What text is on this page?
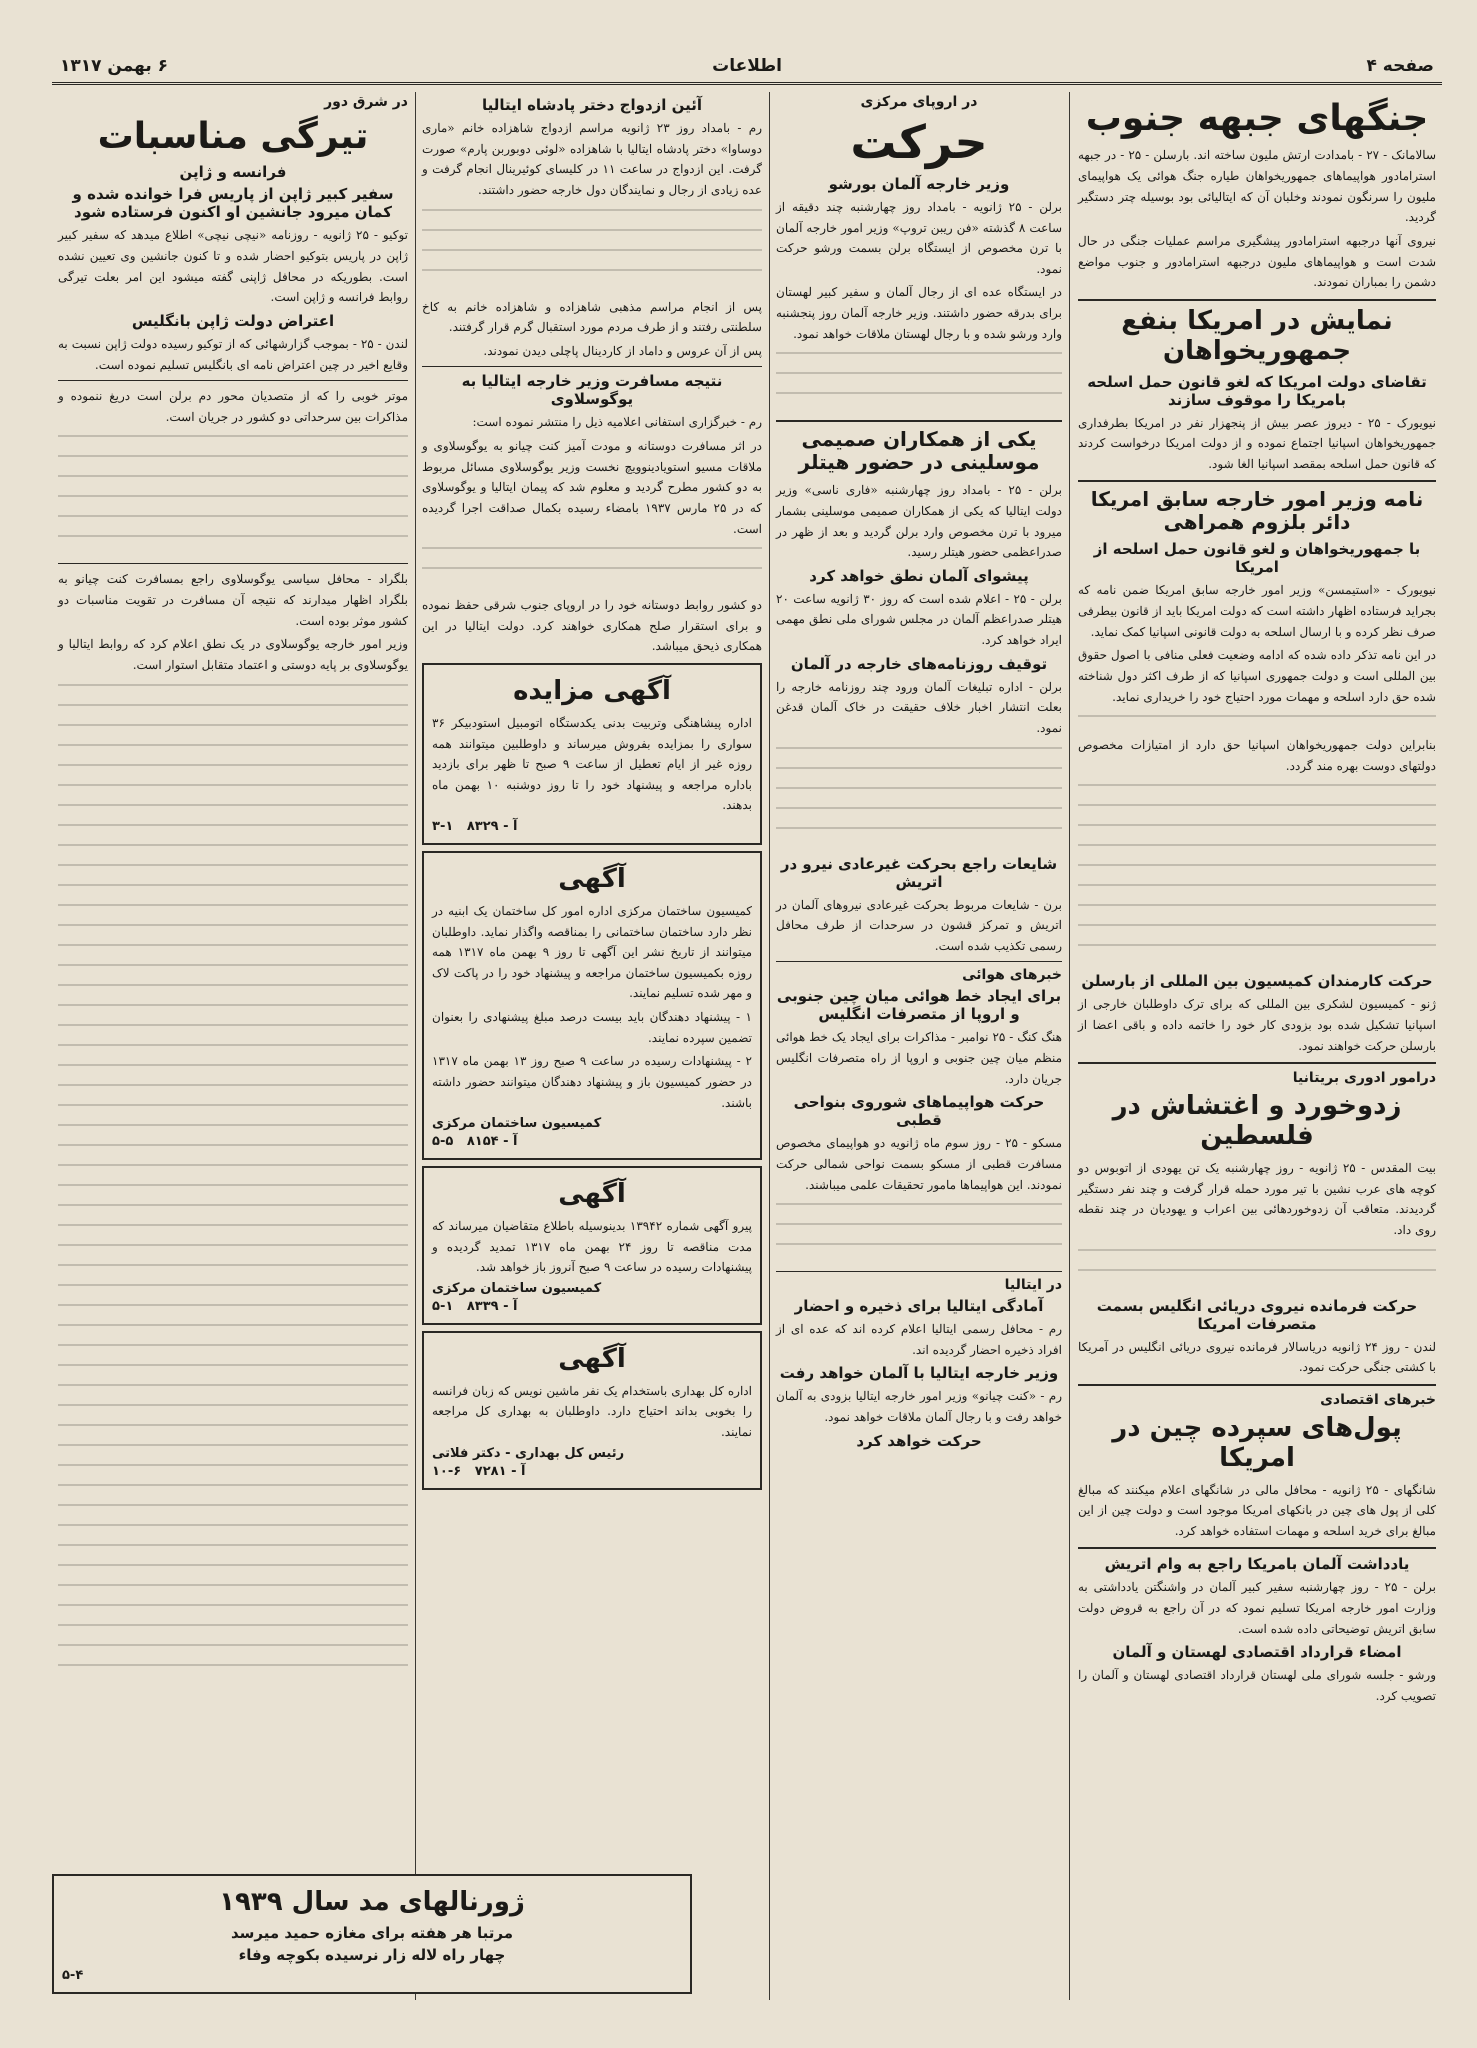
صفحه ۴
اطلاعات
۶ بهمن ۱۳۱۷
جنگهای جبهه جنوب

سالامانک - ۲۷ - بامدادت ارتش ملیون ساخته اند. بارسلن - ۲۵ - در جبهه استرامادور هواپیماهای جمهوریخواهان طیاره جنگ هوائی یک هواپیمای ملیون را سرنگون نمودند وخلبان آن که ایتالیائی بود بوسیله چتر دستگیر گردید.

نیروی آنها درجبهه استرامادور پیشگیری مراسم عملیات جنگی در حال شدت است و هواپیماهای ملیون درجبهه استرامادور و جنوب مواضع دشمن را بمباران نمودند.

نمایش در امریکا بنفع جمهوریخواهان
تقاضای دولت امریکا که لغو قانون حمل اسلحه بامریکا را موقوف سازند

نیویورک - ۲۵ - دیروز عصر بیش از پنجهزار نفر در امریکا بطرفداری جمهوریخواهان اسپانیا اجتماع نموده و از دولت امریکا درخواست کردند که قانون حمل اسلحه بمقصد اسپانیا الغا شود.

نامه وزیر امور خارجه سابق امریکا دائر بلزوم همراهی
با جمهوریخواهان و لغو قانون حمل اسلحه از امریکا

نیویورک - «استیمسن» وزیر امور خارجه سابق امریکا ضمن نامه که بجراید فرستاده اظهار داشته است که دولت امریکا باید از قانون بیطرفی صرف نظر کرده و با ارسال اسلحه به دولت قانونی اسپانیا کمک نماید.

در این نامه تذکر داده شده که ادامه وضعیت فعلی منافی با اصول حقوق بین المللی است و دولت جمهوری اسپانیا که از طرف اکثر دول شناخته شده حق دارد اسلحه و مهمات مورد احتیاج خود را خریداری نماید.

بنابراین دولت جمهوریخواهان اسپانیا حق دارد از امتیازات مخصوص دولتهای دوست بهره مند گردد.

حرکت کارمندان کمیسیون بین المللی از بارسلن

ژنو - کمیسیون لشکری بین المللی که برای ترک داوطلبان خارجی از اسپانیا تشکیل شده بود بزودی کار خود را خاتمه داده و باقی اعضا از بارسلن حرکت خواهند نمود.

درامور ادوری بریتانیا
زدوخورد و اغتشاش در فلسطین

بیت المقدس - ۲۵ ژانویه - روز چهارشنبه یک تن یهودی از اتوبوس دو کوچه های عرب نشین با تیر مورد حمله قرار گرفت و چند نفر دستگیر گردیدند. متعاقب آن زدوخوردهائی بین اعراب و یهودیان در چند نقطه روی داد.

حرکت فرمانده نیروی دریائی انگلیس بسمت متصرفات امریکا

لندن - روز ۲۴ ژانویه دریاسالار فرمانده نیروی دریائی انگلیس در آمریکا با کشتی جنگی حرکت نمود.

خبرهای اقتصادی
پول‌های سپرده چین در امریکا

شانگهای - ۲۵ ژانویه - محافل مالی در شانگهای اعلام میکنند که مبالغ کلی از پول های چین در بانکهای امریکا موجود است و دولت چین از این مبالغ برای خرید اسلحه و مهمات استفاده خواهد کرد.

یادداشت آلمان بامریکا راجع به وام اتریش

برلن - ۲۵ - روز چهارشنبه سفیر کبیر آلمان در واشنگتن یادداشتی به وزارت امور خارجه امریکا تسلیم نمود که در آن راجع به قروض دولت سابق اتریش توضیحاتی داده شده است.

امضاء قرارداد اقتصادی لهستان و آلمان

ورشو - جلسه شورای ملی لهستان قرارداد اقتصادی لهستان و آلمان را تصویب کرد.

در اروپای مرکزی
حرکت
وزیر خارجه آلمان بورشو

برلن - ۲۵ ژانویه - بامداد روز چهارشنبه چند دقیقه از ساعت ۸ گذشته «فن ریبن تروپ» وزیر امور خارجه آلمان با ترن مخصوص از ایستگاه برلن بسمت ورشو حرکت نمود.

در ایستگاه عده ای از رجال آلمان و سفیر کبیر لهستان برای بدرقه حضور داشتند. وزیر خارجه آلمان روز پنجشنبه وارد ورشو شده و با رجال لهستان ملاقات خواهد نمود.

یکی از همکاران صمیمی موسلینی در حضور هیتلر

برلن - ۲۵ - بامداد روز چهارشنبه «فاری ناسی» وزیر دولت ایتالیا که یکی از همکاران صمیمی موسلینی بشمار میرود با ترن مخصوص وارد برلن گردید و بعد از ظهر در صدراعظمی حضور هیتلر رسید.

پیشوای آلمان نطق خواهد کرد

برلن - ۲۵ - اعلام شده است که روز ۳۰ ژانویه ساعت ۲۰ هیتلر صدراعظم آلمان در مجلس شورای ملی نطق مهمی ایراد خواهد کرد.

توقیف روزنامه‌های خارجه در آلمان

برلن - اداره تبلیغات آلمان ورود چند روزنامه خارجه را بعلت انتشار اخبار خلاف حقیقت در خاک آلمان قدغن نمود.

شایعات راجع بحرکت غیرعادی نیرو در اتریش

برن - شایعات مربوط بحرکت غیرعادی نیروهای آلمان در اتریش و تمرکز قشون در سرحدات از طرف محافل رسمی تکذیب شده است.

خبرهای هوائی
برای ایجاد خط هوائی میان چین جنوبی و اروپا از متصرفات انگلیس

هنگ کنگ - ۲۵ نوامبر - مذاکرات برای ایجاد یک خط هوائی منظم میان چین جنوبی و اروپا از راه متصرفات انگلیس جریان دارد.

حرکت هواپیماهای شوروی بنواحی قطبی

مسکو - ۲۵ - روز سوم ماه ژانویه دو هواپیمای مخصوص مسافرت قطبی از مسکو بسمت نواحی شمالی حرکت نمودند. این هواپیماها مامور تحقیقات علمی میباشند.

در ایتالیا
آمادگی ایتالیا برای ذخیره و احضار

رم - محافل رسمی ایتالیا اعلام کرده اند که عده ای از افراد ذخیره احضار گردیده اند.

وزیر خارجه ایتالیا با آلمان خواهد رفت

رم - «کنت چیانو» وزیر امور خارجه ایتالیا بزودی به آلمان خواهد رفت و با رجال آلمان ملاقات خواهد نمود.

حرکت خواهد کرد
آئین ازدواج دختر پادشاه ایتالیا

رم - بامداد روز ۲۳ ژانویه مراسم ازدواج شاهزاده خانم «ماری دوساوا» دختر پادشاه ایتالیا با شاهزاده «لوئی دوبوربن پارم» صورت گرفت. این ازدواج در ساعت ۱۱ در کلیسای کوئیرینال انجام گرفت و عده زیادی از رجال و نمایندگان دول خارجه حضور داشتند.

پس از انجام مراسم مذهبی شاهزاده و شاهزاده خانم به کاخ سلطنتی رفتند و از طرف مردم مورد استقبال گرم قرار گرفتند.

پس از آن عروس و داماد از کاردینال پاچلی دیدن نمودند.

نتیجه مسافرت وزیر خارجه ایتالیا به یوگوسلاوی

رم - خبرگزاری استفانی اعلامیه ذیل را منتشر نموده است:

در اثر مسافرت دوستانه و مودت آمیز کنت چیانو به یوگوسلاوی و ملاقات مسیو استویادینوویچ نخست وزیر یوگوسلاوی مسائل مربوط به دو کشور مطرح گردید و معلوم شد که پیمان ایتالیا و یوگوسلاوی که در ۲۵ مارس ۱۹۳۷ بامضاء رسیده بکمال صداقت اجرا گردیده است.

دو کشور روابط دوستانه خود را در اروپای جنوب شرقی حفظ نموده و برای استقرار صلح همکاری خواهند کرد. دولت ایتالیا در این همکاری ذیحق میباشد.

آگهی مزایده

اداره پیشاهنگی وتربیت بدنی یکدستگاه اتومبیل استودبیکر ۳۶ سواری را بمزایده بفروش میرساند و داوطلبین میتوانند همه روزه غیر از ایام تعطیل از ساعت ۹ صبح تا ظهر برای بازدید باداره مراجعه و پیشنهاد خود را تا روز دوشنبه ۱۰ بهمن ماه بدهند.

آ - ۸۳۲۹   ۱-۳
آگهی

کمیسیون ساختمان مرکزی اداره امور کل ساختمان یک ابنیه در نظر دارد ساختمان ساختمانی را بمناقصه واگذار نماید. داوطلبان میتوانند از تاریخ نشر این آگهی تا روز ۹ بهمن ماه ۱۳۱۷ همه روزه بکمیسیون ساختمان مراجعه و پیشنهاد خود را در پاکت لاک و مهر شده تسلیم نمایند.

۱ - پیشنهاد دهندگان باید بیست درصد مبلغ پیشنهادی را بعنوان تضمین سپرده نمایند.

۲ - پیشنهادات رسیده در ساعت ۹ صبح روز ۱۳ بهمن ماه ۱۳۱۷ در حضور کمیسیون باز و پیشنهاد دهندگان میتوانند حضور داشته باشند.

کمیسیون ساختمان مرکزی
آ - ۸۱۵۴   ۵-۵
آگهی

پیرو آگهی شماره ۱۳۹۴۲ بدینوسیله باطلاع متقاضیان میرساند که مدت مناقصه تا روز ۲۴ بهمن ماه ۱۳۱۷ تمدید گردیده و پیشنهادات رسیده در ساعت ۹ صبح آنروز باز خواهد شد.

کمیسیون ساختمان مرکزی
آ - ۸۳۳۹   ۱-۵
آگهی

اداره کل بهداری باستخدام یک نفر ماشین نویس که زبان فرانسه را بخوبی بداند احتیاج دارد. داوطلبان به بهداری کل مراجعه نمایند.

رئیس کل بهداری - دکتر فلاتی
آ - ۷۲۸۱   ۶-۱۰
در شرق دور
تیرگی مناسبات
فرانسه و ژاپن
سفیر کبیر ژاپن از پاریس فرا خوانده شده و کمان میرود جانشین او اکنون فرستاده شود

توکیو - ۲۵ ژانویه - روزنامه «نیچی نیچی» اطلاع میدهد که سفیر کبیر ژاپن در پاریس بتوکیو احضار شده و تا کنون جانشین وی تعیین نشده است. بطوریکه در محافل ژاپنی گفته میشود این امر بعلت تیرگی روابط فرانسه و ژاپن است.

اعتراض دولت ژاپن بانگلیس

لندن - ۲۵ - بموجب گزارشهائی که از توکیو رسیده دولت ژاپن نسبت به وقایع اخیر در چین اعتراض نامه ای بانگلیس تسلیم نموده است.

موتر خوبی را که از متصدیان محور دم برلن است دریغ ننموده و مذاکرات بین سرحداتی دو کشور در جریان است.

بلگراد - محافل سیاسی یوگوسلاوی راجع بمسافرت کنت چیانو به بلگراد اظهار میدارند که نتیجه آن مسافرت در تقویت مناسبات دو کشور موثر بوده است.

وزیر امور خارجه یوگوسلاوی در یک نطق اعلام کرد که روابط ایتالیا و یوگوسلاوی بر پایه دوستی و اعتماد متقابل استوار است.

ژورنالهای مد سال ۱۹۳۹
مرتبا هر هفته برای مغازه حمید میرسد
چهار راه لاله زار نرسیده بکوچه وفاء
۵-۴
